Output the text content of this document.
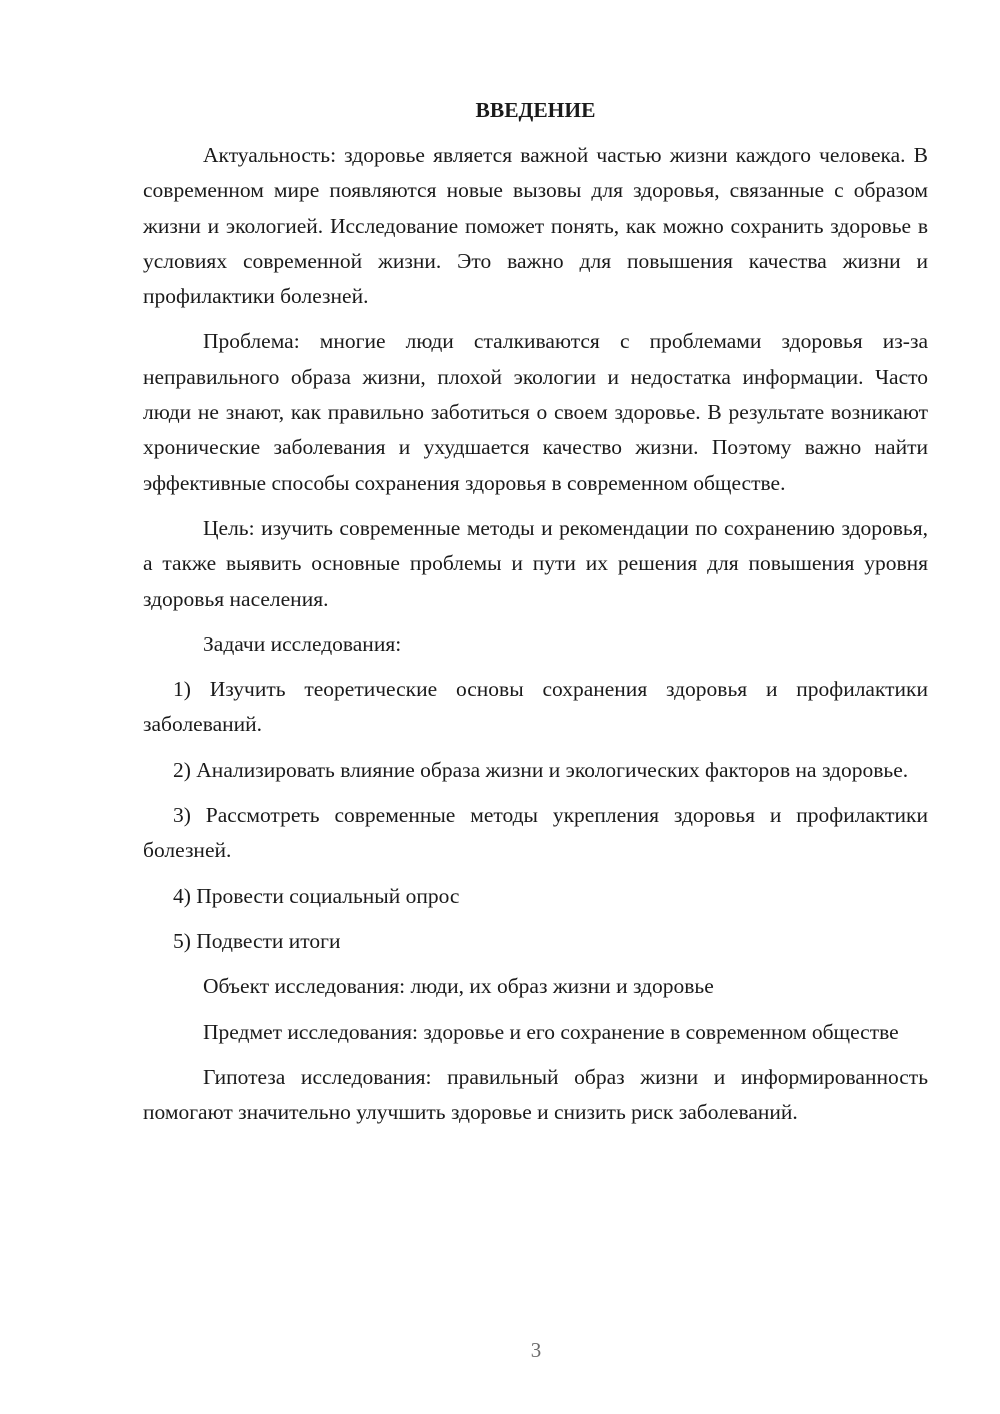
ВВЕДЕНИЕ

Актуальность: здоровье является важной частью жизни каждого человека. В современном мире появляются новые вызовы для здоровья, связанные с образом жизни и экологией. Исследование поможет понять, как можно сохранить здоровье в условиях современной жизни. Это важно для повышения качества жизни и профилактики болезней.

Проблема: многие люди сталкиваются с проблемами здоровья из-за неправильного образа жизни, плохой экологии и недостатка информации. Часто люди не знают, как правильно заботиться о своем здоровье. В результате возникают хронические заболевания и ухудшается качество жизни. Поэтому важно найти эффективные способы сохранения здоровья в современном обществе.

Цель: изучить современные методы и рекомендации по сохранению здоровья, а также выявить основные проблемы и пути их решения для повышения уровня здоровья населения.

Задачи исследования:

1) Изучить теоретические основы сохранения здоровья и профилактики заболеваний.

2) Анализировать влияние образа жизни и экологических факторов на здоровье.

3) Рассмотреть современные методы укрепления здоровья и профилактики болезней.

4) Провести социальный опрос

5) Подвести итоги

Объект исследования: люди, их образ жизни и здоровье

Предмет исследования: здоровье и его сохранение в современном обществе

Гипотеза исследования: правильный образ жизни и информированность помогают значительно улучшить здоровье и снизить риск заболеваний.

3
